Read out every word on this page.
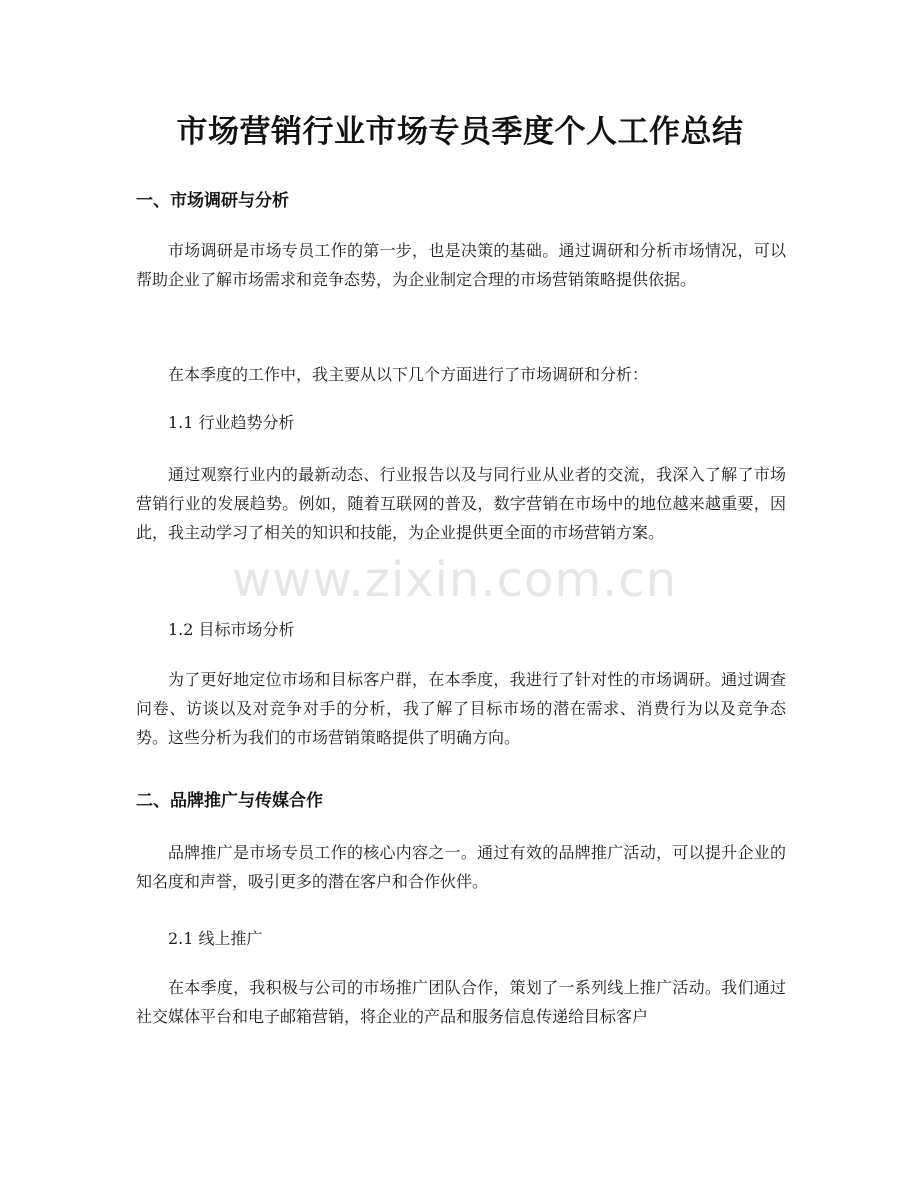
市场营销行业市场专员季度个人工作总结
一、市场调研与分析

市场调研是市场专员工作的第一步，也是决策的基础。通过调研和分析市场情况，可以帮助企业了解市场需求和竞争态势，为企业制定合理的市场营销策略提供依据。

在本季度的工作中，我主要从以下几个方面进行了市场调研和分析：

1.1 行业趋势分析

通过观察行业内的最新动态、行业报告以及与同行业从业者的交流，我深入了解了市场营销行业的发展趋势。例如，随着互联网的普及，数字营销在市场中的地位越来越重要，因此，我主动学习了相关的知识和技能，为企业提供更全面的市场营销方案。

1.2 目标市场分析

为了更好地定位市场和目标客户群，在本季度，我进行了针对性的市场调研。通过调查问卷、访谈以及对竞争对手的分析，我了解了目标市场的潜在需求、消费行为以及竞争态势。这些分析为我们的市场营销策略提供了明确方向。

二、品牌推广与传媒合作

品牌推广是市场专员工作的核心内容之一。通过有效的品牌推广活动，可以提升企业的知名度和声誉，吸引更多的潜在客户和合作伙伴。

2.1 线上推广

在本季度，我积极与公司的市场推广团队合作，策划了一系列线上推广活动。我们通过社交媒体平台和电子邮箱营销，将企业的产品和服务信息传递给目标客户

www.zixin.com.cn
